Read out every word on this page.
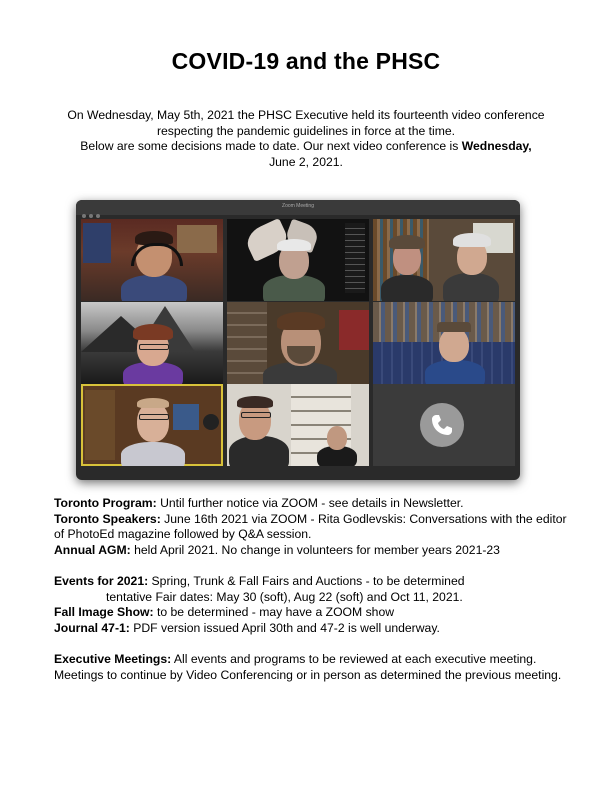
COVID-19 and the PHSC
On Wednesday, May 5th, 2021 the PHSC Executive held its fourteenth video conference
respecting the pandemic guidelines in force at the time.
Below are some decisions made to date. Our next video conference is Wednesday,
June 2, 2021.
Zoom Meeting

Toronto Program: Until further notice via ZOOM - see details in Newsletter.

Toronto Speakers: June 16th 2021 via ZOOM - Rita Godlevskis: Conversations with the editor of PhotoEd magazine followed by Q&A session.

Annual AGM: held April 2021. No change in volunteers for member years 2021-23

Events for 2021: Spring, Trunk & Fall Fairs and Auctions - to be determined

tentative Fair dates: May 30 (soft), Aug 22 (soft) and Oct 11, 2021.

Fall Image Show: to be determined - may have a ZOOM show

Journal 47-1: PDF version issued April 30th and 47-2 is well underway.

Executive Meetings: All events and programs to be reviewed at each executive meeting. Meetings to continue by Video Conferencing or in person as determined the previous meeting.
